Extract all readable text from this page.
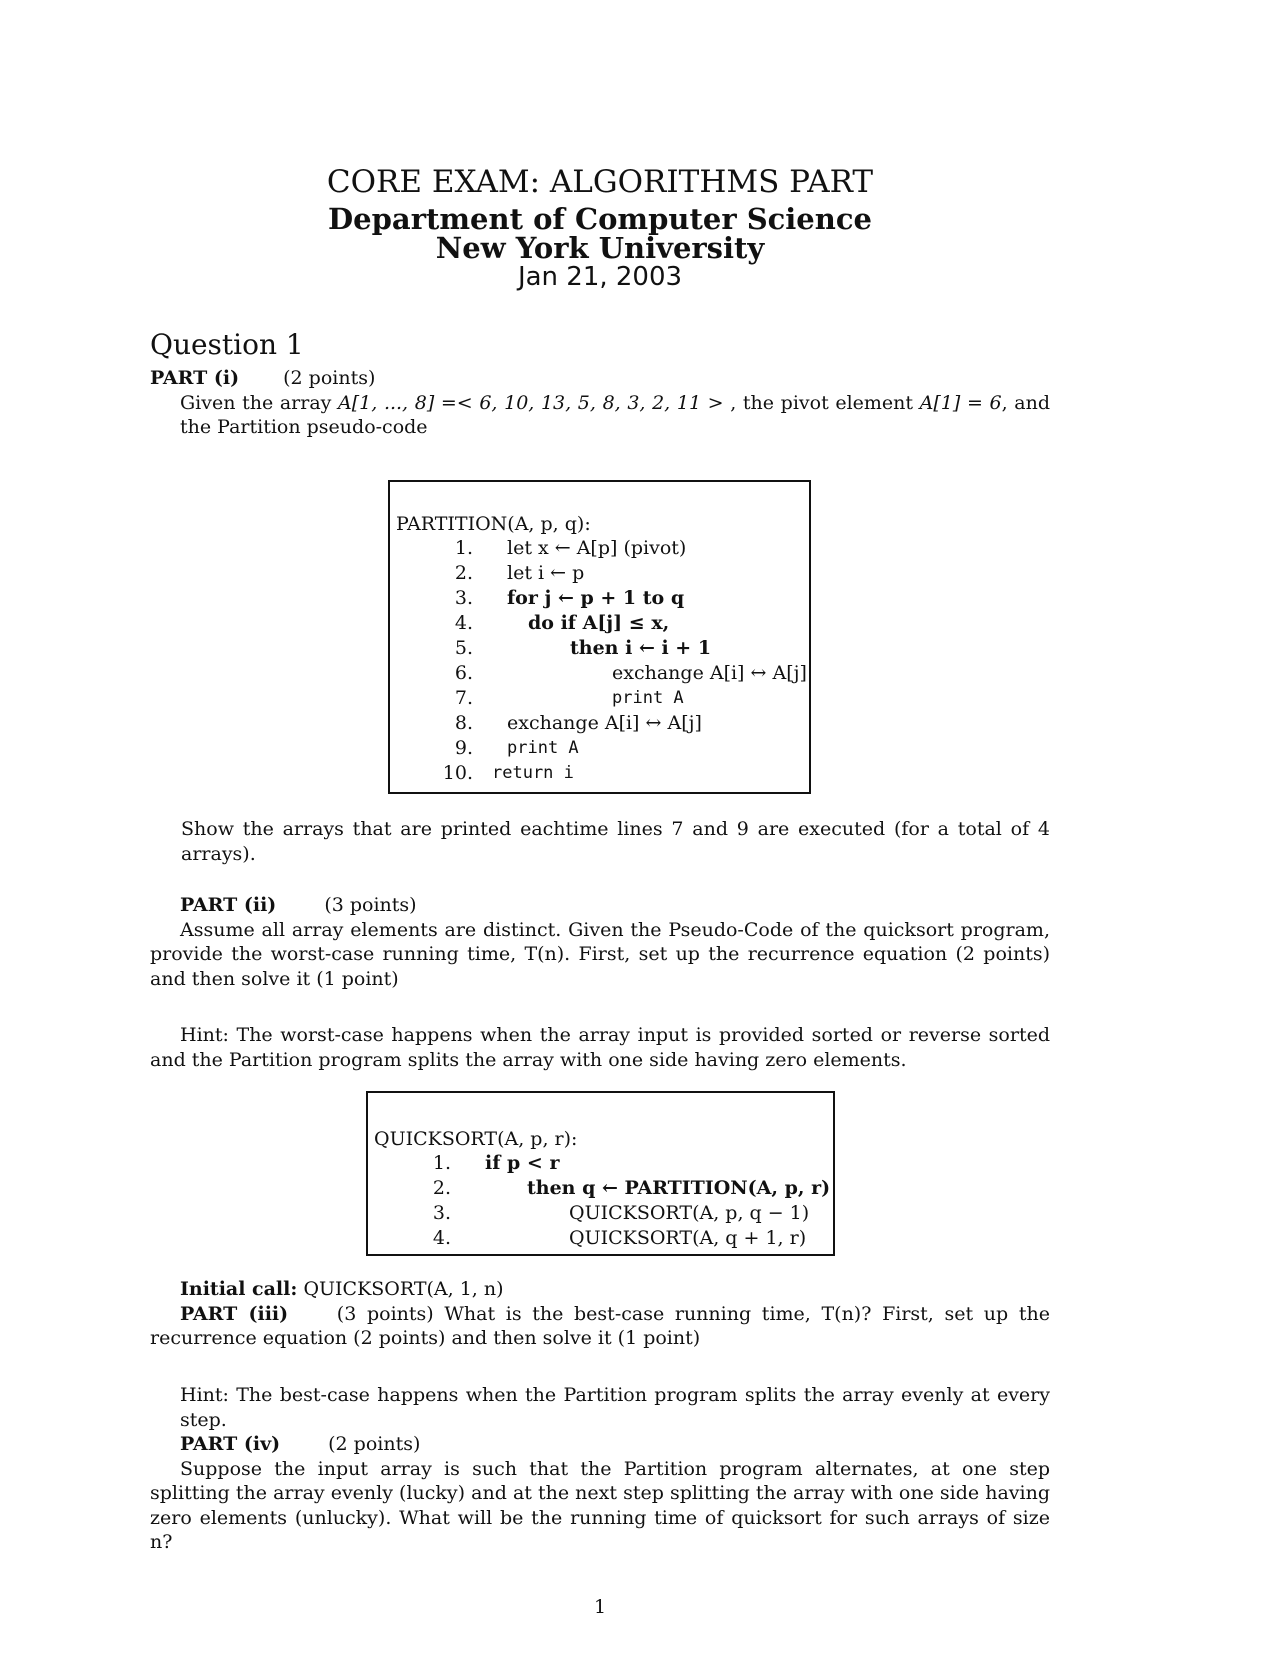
CORE EXAM: ALGORITHMS PART
Department of Computer Science
New York University
Jan 21, 2003
Question 1
PART (i) (2 points)
Given the array A[1, ..., 8] =< 6, 10, 13, 5, 8, 3, 2, 11 > , the pivot element A[1] = 6, and the Partition pseudo-code
PARTITION(A, p, q):
1. let x ← A[p] (pivot)
2. let i ← p
3. for j ← p + 1 to q
4.	do if A[j] ≤ x,
5.	then i ← i + 1
6.	exchange A[i] ↔ A[j]
7.	print A
8. exchange A[i] ↔ A[j]
9. print A
10. return i
Show the arrays that are printed eachtime lines 7 and 9 are executed (for a total of 4 arrays).
PART (ii)	(3 points)
Assume all array elements are distinct. Given the Pseudo-Code of the quicksort program, provide the worst-case running time, T(n). First, set up the recurrence equation (2 points) and then solve it (1 point)
Hint: The worst-case happens when the array input is provided sorted or reverse sorted and the Partition program splits the array with one side having zero elements.
QUICKSORT(A, p, r):
1. if p < r
2.	then q ← PARTITION(A, p, r)
3.	QUICKSORT(A, p, q − 1)
4.	QUICKSORT(A, q + 1, r)
Initial call: QUICKSORT(A, 1, n)
PART (iii)	(3 points) What is the best-case running time, T(n)? First, set up the recurrence equation (2 points) and then solve it (1 point)
Hint: The best-case happens when the Partition program splits the array evenly at every step.
PART (iv)	(2 points)
Suppose the input array is such that the Partition program alternates, at one step splitting the array evenly (lucky) and at the next step splitting the array with one side having zero elements (unlucky). What will be the running time of quicksort for such arrays of size n?
1
